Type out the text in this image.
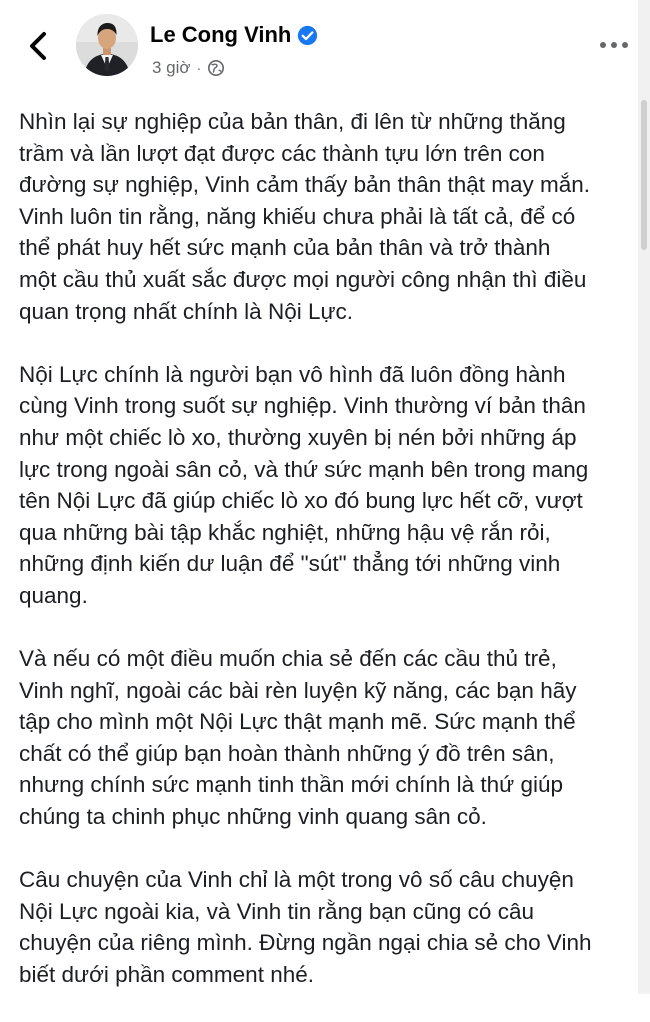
Le Cong Vinh
3 giờ ·

Nhìn lại sự nghiệp của bản thân, đi lên từ những thăng
trầm và lần lượt đạt được các thành tựu lớn trên con
đường sự nghiệp, Vinh cảm thấy bản thân thật may mắn.
Vinh luôn tin rằng, năng khiếu chưa phải là tất cả, để có
thể phát huy hết sức mạnh của bản thân và trở thành
một cầu thủ xuất sắc được mọi người công nhận thì điều
quan trọng nhất chính là Nội Lực.

Nội Lực chính là người bạn vô hình đã luôn đồng hành
cùng Vinh trong suốt sự nghiệp. Vinh thường ví bản thân
như một chiếc lò xo, thường xuyên bị nén bởi những áp
lực trong ngoài sân cỏ, và thứ sức mạnh bên trong mang
tên Nội Lực đã giúp chiếc lò xo đó bung lực hết cỡ, vượt
qua những bài tập khắc nghiệt, những hậu vệ rắn rỏi,
những định kiến dư luận để "sút" thẳng tới những vinh
quang.

Và nếu có một điều muốn chia sẻ đến các cầu thủ trẻ,
Vinh nghĩ, ngoài các bài rèn luyện kỹ năng, các bạn hãy
tập cho mình một Nội Lực thật mạnh mẽ. Sức mạnh thể
chất có thể giúp bạn hoàn thành những ý đồ trên sân,
nhưng chính sức mạnh tinh thần mới chính là thứ giúp
chúng ta chinh phục những vinh quang sân cỏ.

Câu chuyện của Vinh chỉ là một trong vô số câu chuyện
Nội Lực ngoài kia, và Vinh tin rằng bạn cũng có câu
chuyện của riêng mình. Đừng ngần ngại chia sẻ cho Vinh
biết dưới phần comment nhé.
